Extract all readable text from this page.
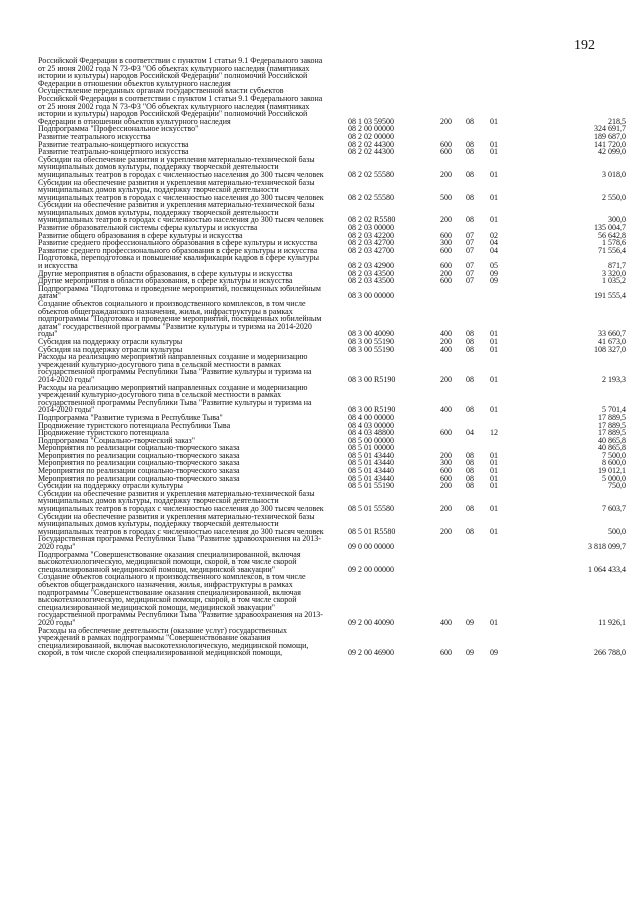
192
Российской Федерации в соответствии с пунктом 1 статьи 9.1 Федерального закона
от 25 июня 2002 года N 73-ФЗ "Об объектах культурного наследия (памятниках
истории и культуры) народов Российской Федерации" полномочий Российской
Федерации в отношении объектов культурного наследия
Осуществление переданных органам государственной власти субъектов
Российской Федерации в соответствии с пунктом 1 статьи 9.1 Федерального закона
от 25 июня 2002 года N 73-ФЗ "Об объектах культурного наследия (памятниках
истории и культуры) народов Российской Федерации" полномочий Российской
Федерации в отношении объектов культурного наследия	08 1 03 59500	200	08	01	218,5
Подпрограмма "Профессиональное искусство"	08 2 00 00000	324 691,7
Развитие театрального искусства	08 2 02 00000	189 687,0
Развитие театрально-концертного искусства	08 2 02 44300	600	08	01	141 720,0
Развитие театрально-концертного искусства	08 2 02 44300	600	08	01	42 099,0
Субсидии на обеспечение развития и укрепления материально-технической базы
муниципальных домов культуры, поддержку творческой деятельности
муниципальных театров в городах с численностью населения до 300 тысяч человек	08 2 02 55580	200	08	01	3 018,0
Субсидии на обеспечение развития и укрепления материально-технической базы
муниципальных домов культуры, поддержку творческой деятельности
муниципальных театров в городах с численностью населения до 300 тысяч человек	08 2 02 55580	500	08	01	2 550,0
Субсидии на обеспечение развития и укрепления материально-технической базы
муниципальных домов культуры, поддержку творческой деятельности
муниципальных театров в городах с численностью населения до 300 тысяч человек	08 2 02 R5580	200	08	01	300,0
Развитие образовательной системы сферы культуры и искусства	08 2 03 00000	135 004,7
Развитие общего образования в сфере культуры и искусства	08 2 03 42200	600	07	02	56 642,8
Развитие среднего профессионального образования в сфере культуры и искусства	08 2 03 42700	300	07	04	1 578,6
Развитие среднего профессионального образования в сфере культуры и искусства	08 2 03 42700	600	07	04	71 556,4
Подготовка, переподготовка и повышение квалификации кадров в сфере культуры
и искусства	08 2 03 42900	600	07	05	871,7
Другие мероприятия в области образования, в сфере культуры и искусства	08 2 03 43500	200	07	09	3 320,0
Другие мероприятия в области образования, в сфере культуры и искусства	08 2 03 43500	600	07	09	1 035,2
Подпрограмма "Подготовка и проведение мероприятий, посвященных юбилейным
датам"	08 3 00 00000	191 555,4
Создание объектов социального и производственного комплексов, в том числе
объектов общегражданского назначения, жилья, инфраструктуры в рамках
подпрограммы "Подготовка и проведение мероприятий, посвященных юбилейным
датам" государственной программы "Развитие культуры и туризма на 2014-2020
годы"	08 3 00 40090	400	08	01	33 660,7
Субсидия на поддержку отрасли культуры	08 3 00 55190	200	08	01	41 673,0
Субсидия на поддержку отрасли культуры	08 3 00 55190	400	08	01	108 327,0
Расходы на реализацию мероприятий направленных создание и модернизацию
учреждений культурно-досугового типа в сельской местности в рамках
государственной программы Республики Тыва "Развитие культуры и туризма на
2014-2020 годы"	08 3 00 R5190	200	08	01	2 193,3
Расходы на реализацию мероприятий направленных создание и модернизацию
учреждений культурно-досугового типа в сельской местности в рамках
государственной программы Республики Тыва "Развитие культуры и туризма на
2014-2020 годы"	08 3 00 R5190	400	08	01	5 701,4
Подпрограмма "Развитие туризма в Республике Тыва"	08 4 00 00000	17 889,5
Продвижение туристского потенциала Республики Тыва	08 4 03 00000	17 889,5
Продвижение туристского потенциала	08 4 03 48800	600	04	12	17 889,5
Подпрограмма "Социально-творческий заказ"	08 5 00 00000	40 865,8
Мероприятия по реализации социально-творческого заказа	08 5 01 00000	40 865,8
Мероприятия по реализации социально-творческого заказа	08 5 01 43440	200	08	01	7 500,0
Мероприятия по реализации социально-творческого заказа	08 5 01 43440	300	08	01	8 600,0
Мероприятия по реализации социально-творческого заказа	08 5 01 43440	600	08	01	19 012,1
Мероприятия по реализации социально-творческого заказа	08 5 01 43440	600	08	01	5 000,0
Субсидии на поддержку отрасли культуры	08 5 01 55190	200	08	01	750,0
Субсидии на обеспечение развития и укрепления материально-технической базы
муниципальных домов культуры, поддержку творческой деятельности
муниципальных театров в городах с численностью населения до 300 тысяч человек	08 5 01 55580	200	08	01	7 603,7
Субсидии на обеспечение развития и укрепления материально-технической базы
муниципальных домов культуры, поддержку творческой деятельности
муниципальных театров в городах с численностью населения до 300 тысяч человек	08 5 01 R5580	200	08	01	500,0
Государственная программа Республики Тыва "Развитие здравоохранения на 2013-
2020 годы"	09 0 00 00000	3 818 099,7
Подпрограмма "Совершенствование оказания специализированной, включая
высокотехнологическую, медицинской помощи, скорой, в том числе скорой
специализированной медицинской помощи, медицинской эвакуации"	09 2 00 00000	1 064 433,4
Создание объектов социального и производственного комплексов, в том числе
объектов общегражданского назначения, жилья, инфраструктуры в рамках
подпрограммы "Совершенствование оказания специализированной, включая
высокотехнологическую, медицинской помощи, скорой, в том числе скорой
специализированной медицинской помощи, медицинской эвакуации"
государственной программы Республики Тыва "Развитие здравоохранения на 2013-
2020 годы"	09 2 00 40090	400	09	01	11 926,1
Расходы на обеспечение деятельности (оказание услуг) государственных
учреждений в рамках подпрограммы "Совершенствование оказания
специализированной, включая высокотехнологическую, медицинской помощи,
скорой, в том числе скорой специализированной медицинской помощи,	09 2 00 46900	600	09	09	266 788,0
